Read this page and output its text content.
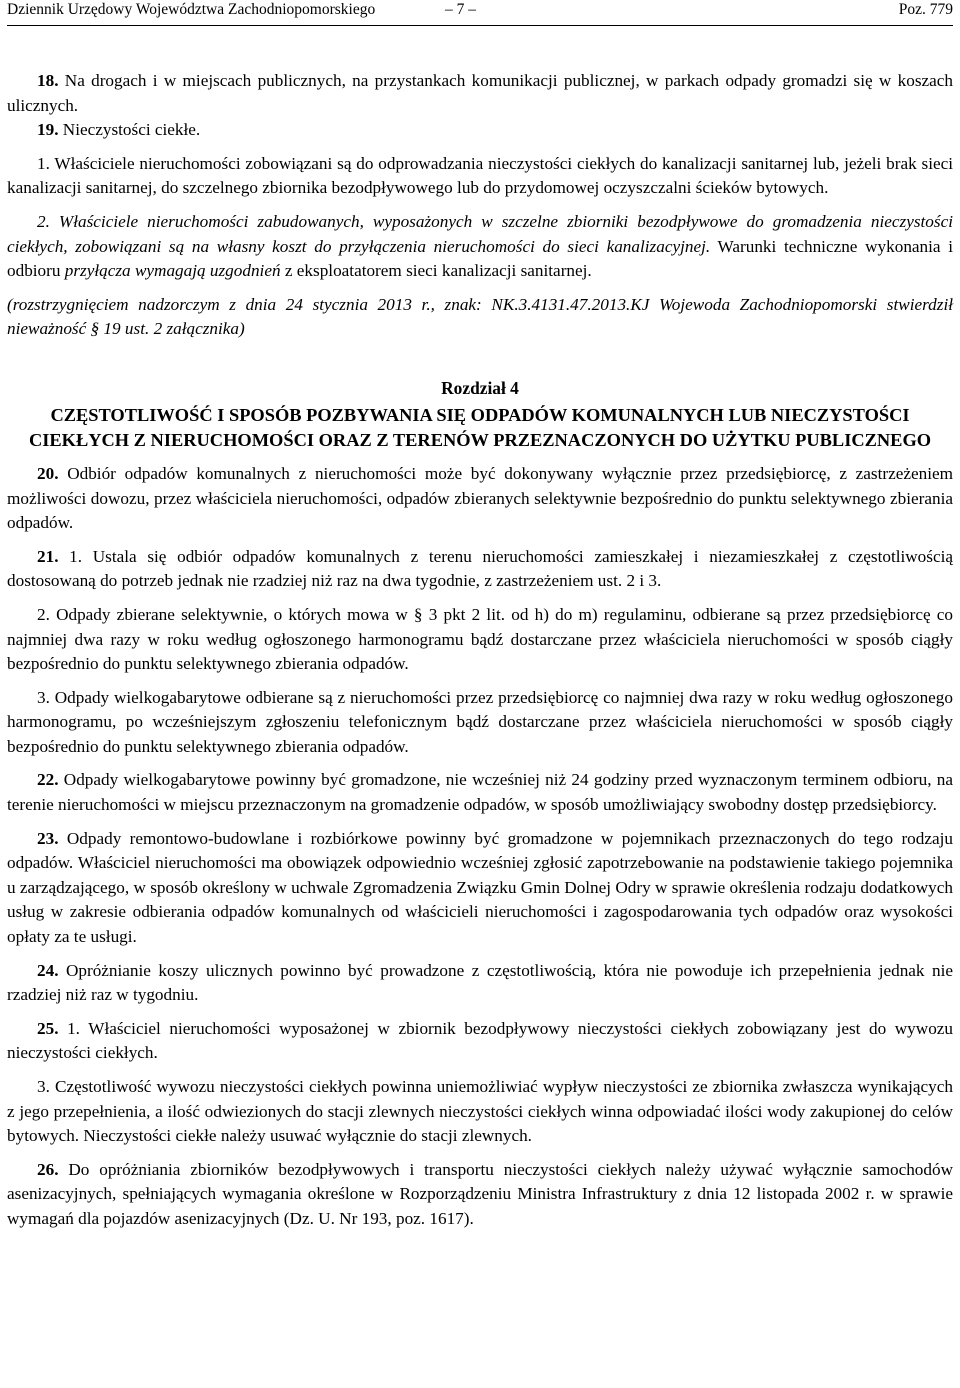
Dziennik Urzędowy Województwa Zachodniopomorskiego	– 7 –	Poz. 779

18. Na drogach i w miejscach publicznych, na przystankach komunikacji publicznej, w parkach odpady gromadzi się w koszach ulicznych.

19. Nieczystości ciekłe.

1. Właściciele nieruchomości zobowiązani są do odprowadzania nieczystości ciekłych do kanalizacji sanitarnej lub, jeżeli brak sieci kanalizacji sanitarnej, do szczelnego zbiornika bezodpływowego lub do przydomowej oczyszczalni ścieków bytowych.

2. Właściciele nieruchomości zabudowanych, wyposażonych w szczelne zbiorniki bezodpływowe do gromadzenia nieczystości ciekłych, zobowiązani są na własny koszt do przyłączenia nieruchomości do sieci kanalizacyjnej. Warunki techniczne wykonania i odbioru przyłącza wymagają uzgodnień z eksploatatorem sieci kanalizacji sanitarnej.

(rozstrzygnięciem nadzorczym z dnia 24 stycznia 2013 r., znak: NK.3.4131.47.2013.KJ Wojewoda Zachodniopomorski stwierdził nieważność § 19 ust. 2 załącznika)

Rozdział 4
CZĘSTOTLIWOŚĆ I SPOSÓB POZBYWANIA SIĘ ODPADÓW KOMUNALNYCH LUB NIECZYSTOŚCI CIEKŁYCH Z NIERUCHOMOŚCI ORAZ Z TERENÓW PRZEZNACZONYCH DO UŻYTKU PUBLICZNEGO

20. Odbiór odpadów komunalnych z nieruchomości może być dokonywany wyłącznie przez przedsiębiorcę, z zastrzeżeniem możliwości dowozu, przez właściciela nieruchomości, odpadów zbieranych selektywnie bezpośrednio do punktu selektywnego zbierania odpadów.

21. 1. Ustala się odbiór odpadów komunalnych z terenu nieruchomości zamieszkałej i niezamieszkałej z częstotliwością dostosowaną do potrzeb jednak nie rzadziej niż raz na dwa tygodnie, z zastrzeżeniem ust. 2 i 3.

2. Odpady zbierane selektywnie, o których mowa w § 3 pkt 2 lit. od h) do m) regulaminu, odbierane są przez przedsiębiorcę co najmniej dwa razy w roku według ogłoszonego harmonogramu bądź dostarczane przez właściciela nieruchomości w sposób ciągły bezpośrednio do punktu selektywnego zbierania odpadów.

3. Odpady wielkogabarytowe odbierane są z nieruchomości przez przedsiębiorcę co najmniej dwa razy w roku według ogłoszonego harmonogramu, po wcześniejszym zgłoszeniu telefonicznym bądź dostarczane przez właściciela nieruchomości w sposób ciągły bezpośrednio do punktu selektywnego zbierania odpadów.

22. Odpady wielkogabarytowe powinny być gromadzone, nie wcześniej niż 24 godziny przed wyznaczonym terminem odbioru, na terenie nieruchomości w miejscu przeznaczonym na gromadzenie odpadów, w sposób umożliwiający swobodny dostęp przedsiębiorcy.

23. Odpady remontowo-budowlane i rozbiórkowe powinny być gromadzone w pojemnikach przeznaczonych do tego rodzaju odpadów. Właściciel nieruchomości ma obowiązek odpowiednio wcześniej zgłosić zapotrzebowanie na podstawienie takiego pojemnika u zarządzającego, w sposób określony w uchwale Zgromadzenia Związku Gmin Dolnej Odry w sprawie określenia rodzaju dodatkowych usług w zakresie odbierania odpadów komunalnych od właścicieli nieruchomości i zagospodarowania tych odpadów oraz wysokości opłaty za te usługi.

24. Opróżnianie koszy ulicznych powinno być prowadzone z częstotliwością, która nie powoduje ich przepełnienia jednak nie rzadziej niż raz w tygodniu.

25. 1. Właściciel nieruchomości wyposażonej w zbiornik bezodpływowy nieczystości ciekłych zobowiązany jest do wywozu nieczystości ciekłych.

3. Częstotliwość wywozu nieczystości ciekłych powinna uniemożliwiać wypływ nieczystości ze zbiornika zwłaszcza wynikających z jego przepełnienia, a ilość odwiezionych do stacji zlewnych nieczystości ciekłych winna odpowiadać ilości wody zakupionej do celów bytowych. Nieczystości ciekłe należy usuwać wyłącznie do stacji zlewnych.

26. Do opróżniania zbiorników bezodpływowych i transportu nieczystości ciekłych należy używać wyłącznie samochodów asenizacyjnych, spełniających wymagania określone w Rozporządzeniu Ministra Infrastruktury z dnia 12 listopada 2002 r. w sprawie wymagań dla pojazdów asenizacyjnych (Dz. U. Nr 193, poz. 1617).
